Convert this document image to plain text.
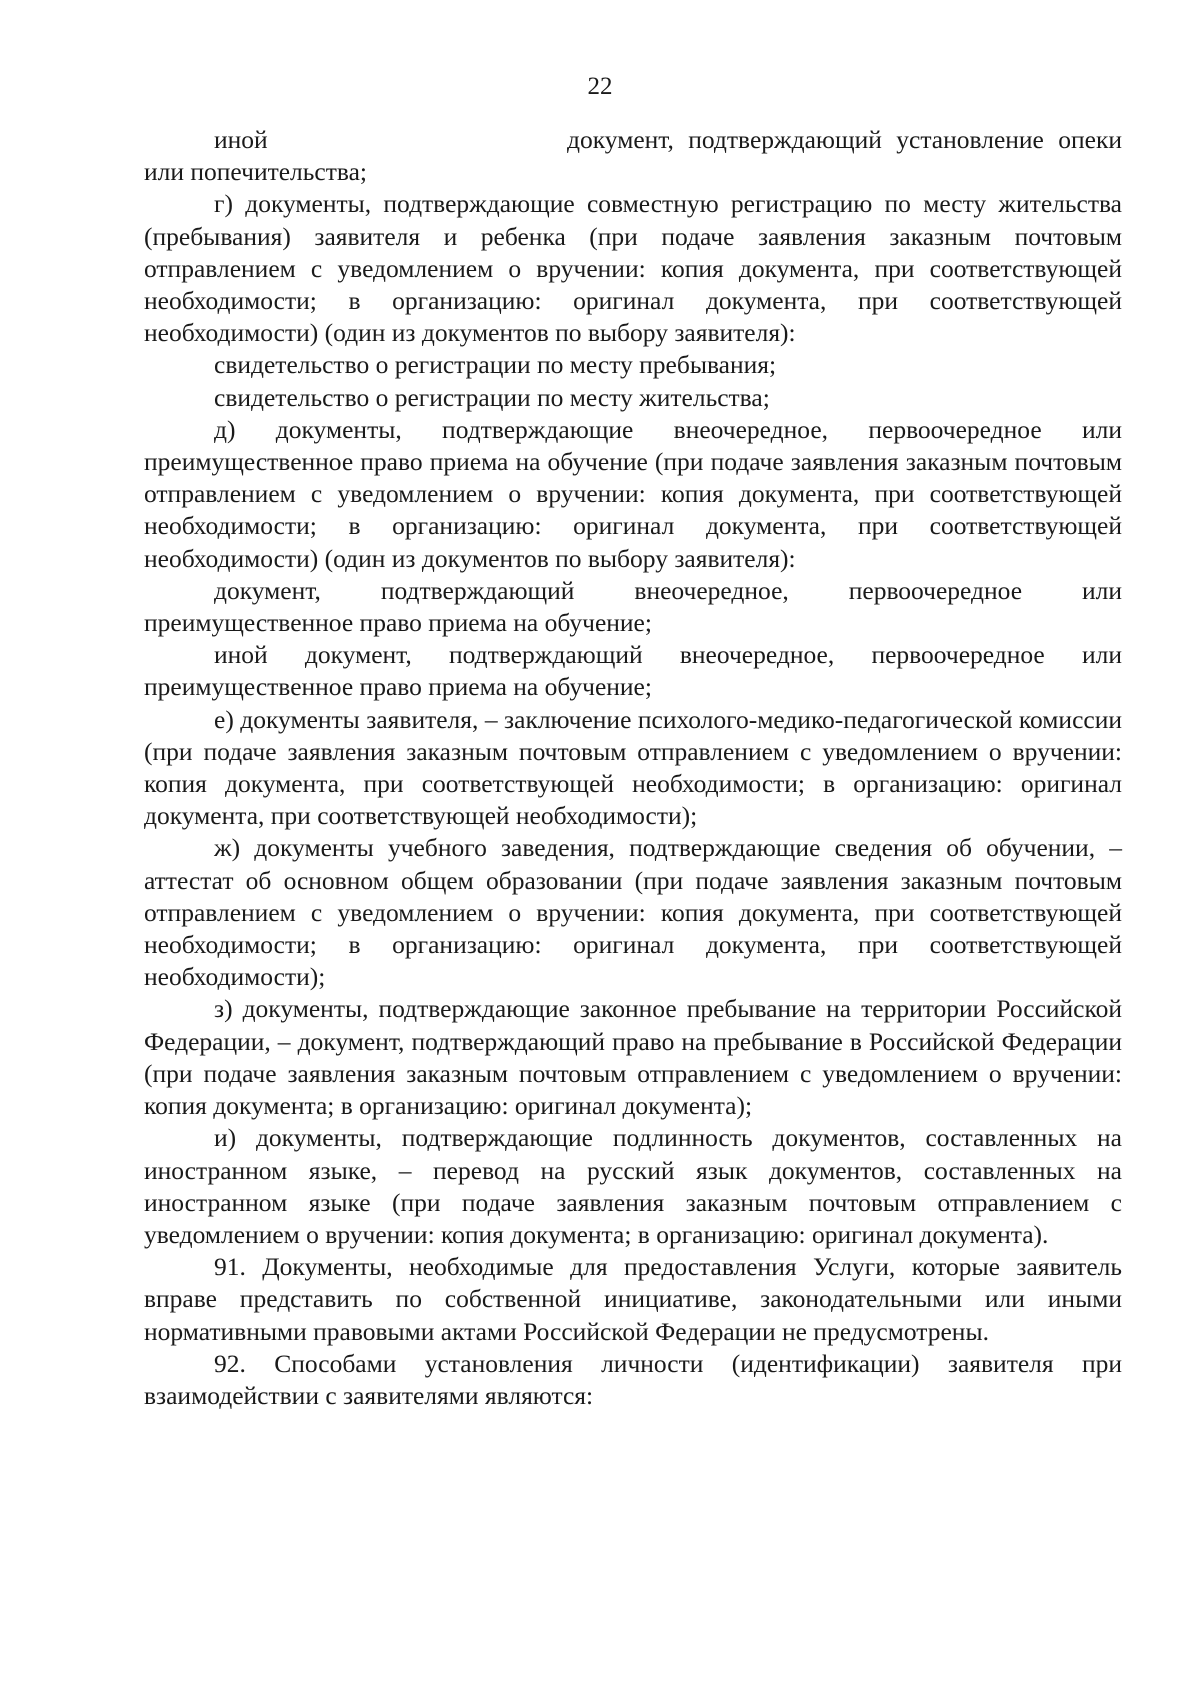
22
иной	документ, подтверждающий установление опеки

или попечительства;

г) документы, подтверждающие совместную регистрацию по месту жительства (пребывания) заявителя и ребенка (при подаче заявления заказным почтовым отправлением с уведомлением о вручении: копия документа, при соответствующей необходимости; в организацию: оригинал документа, при соответствующей необходимости) (один из документов по выбору заявителя):

свидетельство о регистрации по месту пребывания;

свидетельство о регистрации по месту жительства;

д) документы, подтверждающие внеочередное, первоочередное или преимущественное право приема на обучение (при подаче заявления заказным почтовым отправлением с уведомлением о вручении: копия документа, при соответствующей необходимости; в организацию: оригинал документа, при соответствующей необходимости) (один из документов по выбору заявителя):

документ, подтверждающий внеочередное, первоочередное или преимущественное право приема на обучение;

иной документ, подтверждающий внеочередное, первоочередное или преимущественное право приема на обучение;

е) документы заявителя, – заключение психолого-медико-педагогической комиссии (при подаче заявления заказным почтовым отправлением с уведомлением о вручении: копия документа, при соответствующей необходимости; в организацию: оригинал документа, при соответствующей необходимости);

ж) документы учебного заведения, подтверждающие сведения об обучении, – аттестат об основном общем образовании (при подаче заявления заказным почтовым отправлением с уведомлением о вручении: копия документа, при соответствующей необходимости; в организацию: оригинал документа, при соответствующей необходимости);

з) документы, подтверждающие законное пребывание на территории Российской Федерации, – документ, подтверждающий право на пребывание в Российской Федерации (при подаче заявления заказным почтовым отправлением с уведомлением о вручении: копия документа; в организацию: оригинал документа);

и) документы, подтверждающие подлинность документов, составленных на иностранном языке, – перевод на русский язык документов, составленных на иностранном языке (при подаче заявления заказным почтовым отправлением с уведомлением о вручении: копия документа; в организацию: оригинал документа).

91. Документы, необходимые для предоставления Услуги, которые заявитель вправе представить по собственной инициативе, законодательными или иными нормативными правовыми актами Российской Федерации не предусмотрены.

92. Способами установления личности (идентификации) заявителя при взаимодействии с заявителями являются:
